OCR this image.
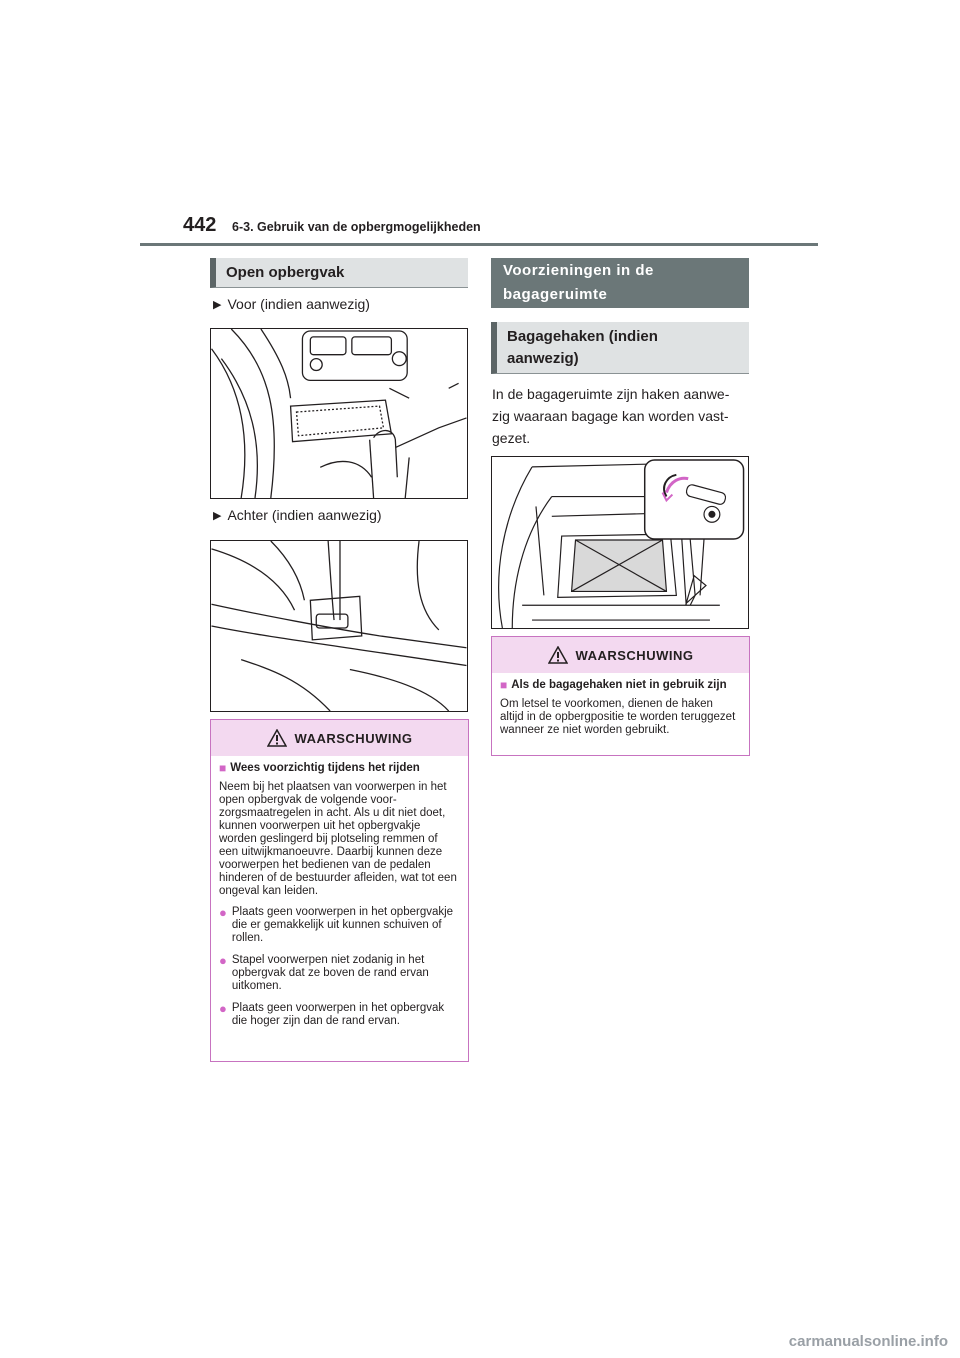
442 6-3. Gebruik van de opbergmogelijkheden
Open opbergvak
▶ Voor (indien aanwezig)
▶ Achter (indien aanwezig)
WAARSCHUWING
■ Wees voorzichtig tijdens het rijden

Neem bij het plaatsen van voorwerpen in het open opbergvak de volgende voorzorgsmaatregelen in acht. Als u dit niet doet, kunnen voorwerpen uit het opbergvakje worden geslingerd bij plotseling remmen of een uitwijkmanoeuvre. Daarbij kunnen deze voorwerpen het bedienen van de pedalen hinderen of de bestuurder afleiden, wat tot een ongeval kan leiden.

● Plaats geen voorwerpen in het opbergvakje die er gemakkelijk uit kunnen schuiven of rollen.
● Stapel voorwerpen niet zodanig in het opbergvak dat ze boven de rand ervan uitkomen.
● Plaats geen voorwerpen in het opbergvak die hoger zijn dan de rand ervan.
Voorzieningen in de
bagageruimte
Bagagehaken (indien
aanwezig)
In de bagageruimte zijn haken aanwe-
zig waaraan bagage kan worden vast-
gezet.
WAARSCHUWING
■ Als de bagagehaken niet in gebruik zijn

Om letsel te voorkomen, dienen de haken altijd in de opbergpositie te worden teruggezet wanneer ze niet worden gebruikt.

carmanualsonline.info
